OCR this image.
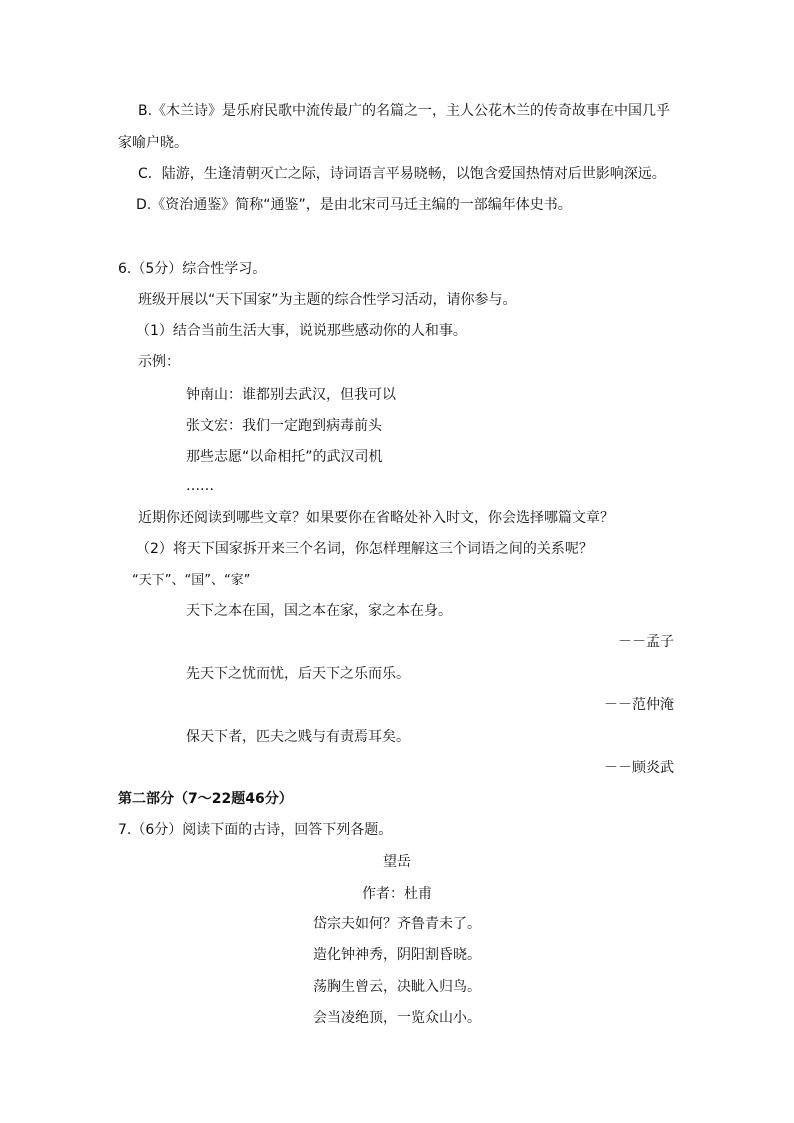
B.《木兰诗》是乐府民歌中流传最广的名篇之一，主人公花木兰的传奇故事在中国几乎
家喻户晓。
C．陆游，生逢清朝灭亡之际，诗词语言平易晓畅，以饱含爱国热情对后世影响深远。
D.《资治通鉴》简称“通鉴”，是由北宋司马迁主编的一部编年体史书。
6.（5分）综合性学习。
班级开展以“天下国家”为主题的综合性学习活动，请你参与。
（1）结合当前生活大事，说说那些感动你的人和事。
示例：
钟南山：谁都别去武汉，但我可以
张文宏：我们一定跑到病毒前头
那些志愿“以命相托”的武汉司机
……
近期你还阅读到哪些文章？如果要你在省略处补入时文，你会选择哪篇文章？
（2）将天下国家拆开来三个名词，你怎样理解这三个词语之间的关系呢？
“天下”、“国”、“家”
天下之本在国，国之本在家，家之本在身。
－－孟子
先天下之忧而忧，后天下之乐而乐。
－－范仲淹
保天下者，匹夫之贱与有责焉耳矣。
－－顾炎武
第二部分（7～22题46分）
7.（6分）阅读下面的古诗，回答下列各题。
望岳
作者：杜甫
岱宗夫如何？齐鲁青未了。
造化钟神秀，阴阳割昏晓。
荡胸生曾云，决眦入归鸟。
会当凌绝顶，一览众山小。
